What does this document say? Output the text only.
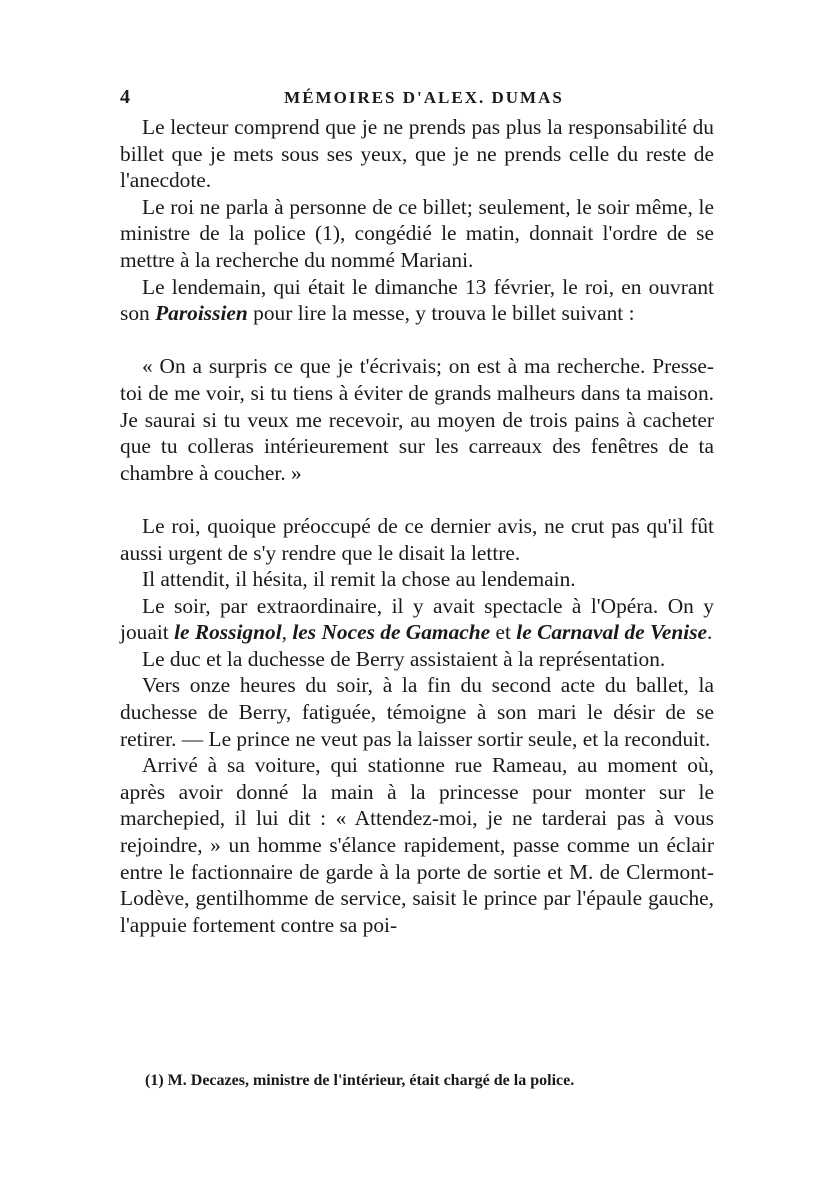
4	MÉMOIRES D'ALEX. DUMAS

Le lecteur comprend que je ne prends pas plus la responsabilité du billet que je mets sous ses yeux, que je ne prends celle du reste de l'anecdote.

Le roi ne parla à personne de ce billet; seulement, le soir même, le ministre de la police (1), congédié le matin, donnait l'ordre de se mettre à la recherche du nommé Mariani.

Le lendemain, qui était le dimanche 13 février, le roi, en ouvrant son Paroissien pour lire la messe, y trouva le billet suivant :

« On a surpris ce que je t'écrivais; on est à ma recherche. Presse-toi de me voir, si tu tiens à éviter de grands malheurs dans ta maison. Je saurai si tu veux me recevoir, au moyen de trois pains à cacheter que tu colleras intérieurement sur les carreaux des fenêtres de ta chambre à coucher. »

Le roi, quoique préoccupé de ce dernier avis, ne crut pas qu'il fût aussi urgent de s'y rendre que le disait la lettre.

Il attendit, il hésita, il remit la chose au lendemain.

Le soir, par extraordinaire, il y avait spectacle à l'Opéra. On y jouait le Rossignol, les Noces de Gamache et le Carnaval de Venise.

Le duc et la duchesse de Berry assistaient à la représentation.

Vers onze heures du soir, à la fin du second acte du ballet, la duchesse de Berry, fatiguée, témoigne à son mari le désir de se retirer. — Le prince ne veut pas la laisser sortir seule, et la reconduit.

Arrivé à sa voiture, qui stationne rue Rameau, au moment où, après avoir donné la main à la princesse pour monter sur le marchepied, il lui dit : « Attendez-moi, je ne tarderai pas à vous rejoindre, » un homme s'élance rapidement, passe comme un éclair entre le factionnaire de garde à la porte de sortie et M. de Clermont-Lodève, gentilhomme de service, saisit le prince par l'épaule gauche, l'appuie fortement contre sa poi-

(1) M. Decazes, ministre de l'intérieur, était chargé de la police.
